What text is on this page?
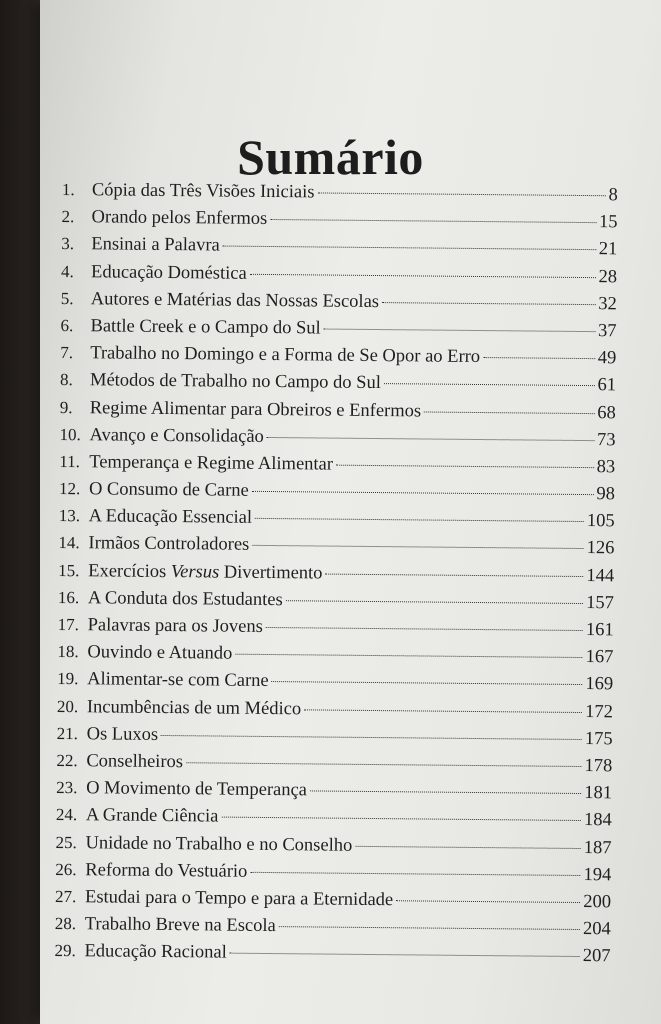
Sumário
1. Cópia das Três Visões Iniciais	8
2. Orando pelos Enfermos	15
3. Ensinai a Palavra	21
4. Educação Doméstica	28
5. Autores e Matérias das Nossas Escolas	32
6. Battle Creek e o Campo do Sul	37
7. Trabalho no Domingo e a Forma de Se Opor ao Erro	49
8. Métodos de Trabalho no Campo do Sul	61
9. Regime Alimentar para Obreiros e Enfermos	68
10. Avanço e Consolidação	73
11. Temperança e Regime Alimentar	83
12. O Consumo de Carne	98
13. A Educação Essencial	105
14. Irmãos Controladores	126
15. Exercícios Versus Divertimento	144
16. A Conduta dos Estudantes	157
17. Palavras para os Jovens	161
18. Ouvindo e Atuando	167
19. Alimentar-se com Carne	169
20. Incumbências de um Médico	172
21. Os Luxos	175
22. Conselheiros	178
23. O Movimento de Temperança	181
24. A Grande Ciência	184
25. Unidade no Trabalho e no Conselho	187
26. Reforma do Vestuário	194
27. Estudai para o Tempo e para a Eternidade	200
28. Trabalho Breve na Escola	204
29. Educação Racional	207
